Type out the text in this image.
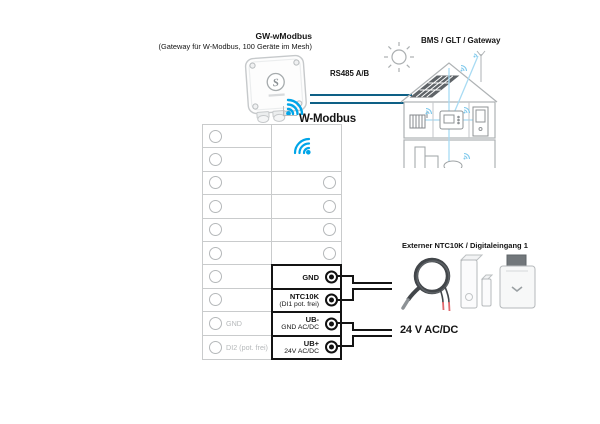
GW-wModbus
(Gateway für W-Modbus, 100 Geräte im Mesh)
S
RS485 A/B
BMS / GLT / Gateway
W-Modbus
GND
DI2 (pot. frei)
GND
NTC10K
(DI1 pot. frei)
UB-
GND AC/DC
UB+
24V AC/DC
Externer NTC10K / Digitaleingang 1
24 V AC/DC
